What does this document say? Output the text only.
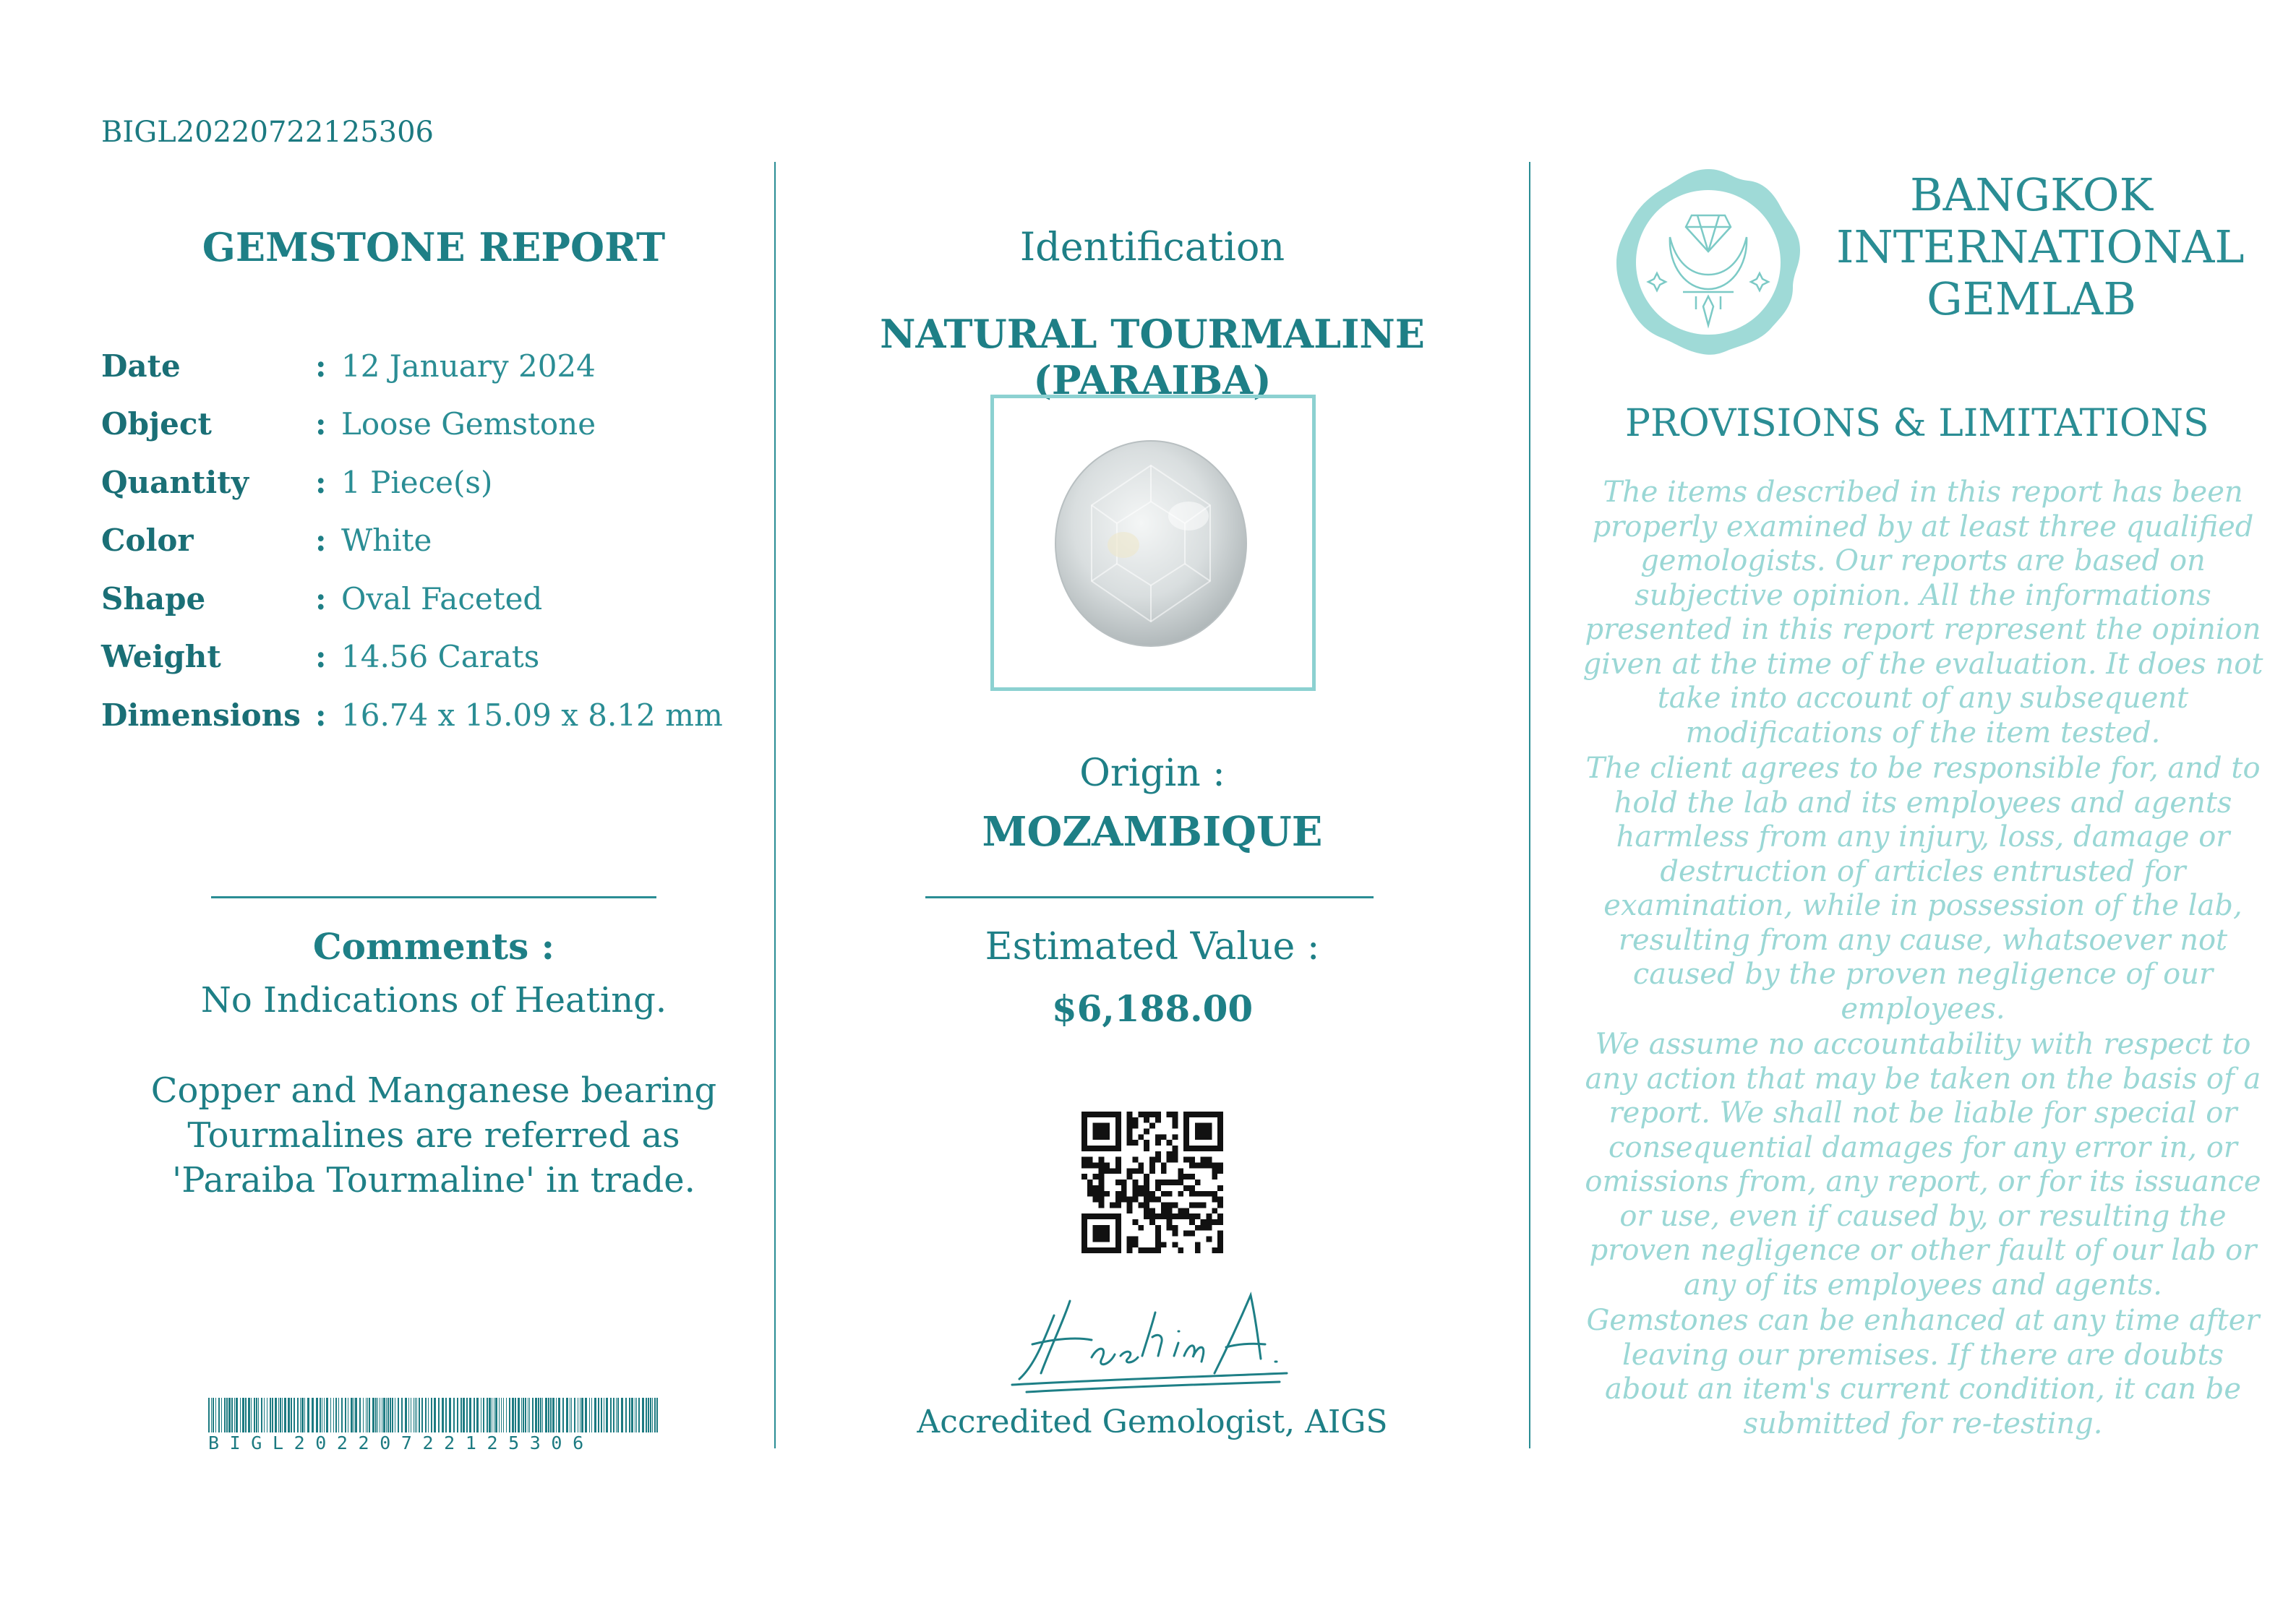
BIGL20220722125306
GEMSTONE REPORT
Date	: 12 January 2024
Object	: Loose Gemstone
Quantity : 1 Piece(s)
Color	: White
Shape	: Oval Faceted
Weight	: 14.56 Carats
Dimensions : 16.74 x 15.09 x 8.12 mm
Comments :
No Indications of Heating.
Copper and Manganese bearing Tourmalines are referred as 'Paraiba Tourmaline' in trade.
BIGL20220722125306
Identification
NATURAL TOURMALINE (PARAIBA)
Origin :
MOZAMBIQUE
Estimated Value :
$6,188.00
Accredited Gemologist, AIGS
BANGKOK INTERNATIONAL GEMLAB
PROVISIONS & LIMITATIONS
The items described in this report has been properly examined by at least three qualified gemologists. Our reports are based on subjective opinion. All the informations presented in this report represent the opinion given at the time of the evaluation. It does not take into account of any subsequent modifications of the item tested.
The client agrees to be responsible for, and to hold the lab and its employees and agents harmless from any injury, loss, damage or destruction of articles entrusted for examination, while in possession of the lab, resulting from any cause, whatsoever not caused by the proven negligence of our employees.
We assume no accountability with respect to any action that may be taken on the basis of a report. We shall not be liable for special or consequential damages for any error in, or omissions from, any report, or for its issuance or use, even if caused by, or resulting the proven negligence or other fault of our lab or any of its employees and agents.
Gemstones can be enhanced at any time after leaving our premises. If there are doubts about an item's current condition, it can be submitted for re-testing.
